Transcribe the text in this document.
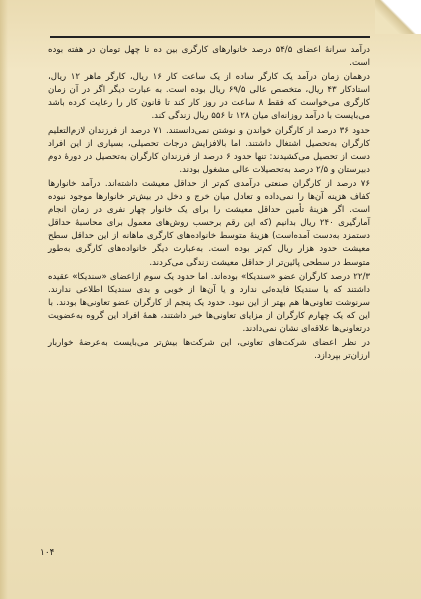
درآمد سرانهٔ اعضای ۵۴/۵ درصد خانوارهای کارگری بین ده تا چهل تومان در هفته بوده است.

درهمان زمان درآمد یک کارگر ساده از یک ساعت کار ۱۶ ریال، کارگر ماهر ۱۲ ریال، استادکار ۴۳ ریال، متخصص عالی ۶۹/۵ ریال بوده است. به عبارت دیگر اگر در آن زمان کارگری می‌خواست که فقط ۸ ساعت در روز کار کند تا قانون کار را رعایت کرده باشد می‌بایست با درآمد روزانه‌ای میان ۱۲۸ تا ۵۵۶ ریال زندگی کند.

حدود ۳۶ درصد از کارگران خواندن و نوشتن نمی‌دانستند. ۷۱ درصد از فرزندان لازم‌التعلیم کارگران به‌تحصیل اشتغال داشتند. اما بالافزایش درجات تحصیلی، بسیاری از این افراد دست از تحصیل می‌کشیدند: تنها حدود ۶ درصد از فرزندان کارگران به‌تحصیل در دورهٔ دوم دبیرستان و ۲/۵ درصد به‌تحصیلات عالی مشغول بودند.

۷۶ درصد از کارگران صنعتی درآمدی کم‌تر از حداقل معیشت داشته‌اند. درآمد خانوارها کفاف هزینه آن‌ها را نمی‌داده و تعادل میان خرج و دخل در بیش‌تر خانوارها موجود نبوده است. اگر هزینهٔ تأمین حداقل معیشت را برای یک خانوار چهار نفری در زمان انجام آمارگیری ۲۴۰ ریال بدانیم (که این رقم برحسب روش‌های معمول برای محاسبهٔ حداقل دستمزد به‌دست آمده‌است) هزینهٔ متوسط خانواده‌های کارگری ماهانه از این حداقل سطح معیشت حدود هزار ریال کم‌تر بوده است. به‌عبارت دیگر خانواده‌های کارگری به‌طور متوسط در سطحی پائین‌تر از حداقل معیشت زندگی می‌کردند.

۲۲/۳ درصد کارگران عضو «سندیکا» بوده‌اند. اما حدود یک سوم ازاعضای «سندیکا» عقیده داشتند که یا سندیکا فایده‌ئی ندارد و یا آن‌ها از خوبی و بدی سندیکا اطلاعی ندارند. سرنوشت تعاونی‌ها هم بهتر از این نبود. حدود یک پنجم از کارگران عضو تعاونی‌ها بودند. با این که یک چهارم کارگران از مزایای تعاونی‌ها خبر داشتند، همهٔ افراد این گروه به‌عضویت درتعاونی‌ها علاقه‌ای نشان نمی‌دادند.

در نظر اعضای شرکت‌های تعاونی، این شرکت‌ها بیش‌تر می‌بایست به‌عرضهٔ خواربار ارزان‌تر بپردازد.

۱۰۴
